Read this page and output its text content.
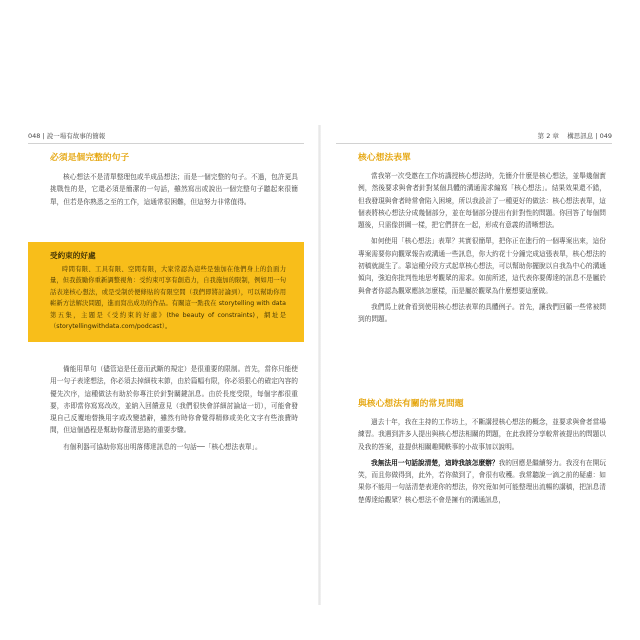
048 | 說一場有故事的簡報	第 2 章 構思訊息 | 049
必須是個完整的句子

核心想法不是清單整理包或半成品想法；而是一個完整的句子。不過，包許更具挑戰性的是，它還必須是簡潔的一句話，雖然寫出或說出一個完整句子聽起來很簡單，但若是你熟悉之至的工作，這通常很困難，但這努力非常值得。

受約束的好處

時間有限、工具有限、空間有限，大家常認為這些是強加在他們身上的負面力量，但我鼓勵你重新調整視角：受約束可享有創造力，自我施加的限制，例如用一句話表達核心想法，或是受制於便條貼的有限空間（我們即將討論到），可以幫助你用嶄新方法解決問題，進而寫出成功的作品。有關這一點我在 storytelling with data 第五集，主題是《受約束的好處》(the beauty of constraints)，網址是（storytellingwithdata.com/podcast）。

備能用單句（儘管這是任意而武斷的規定）是很重要的限制。首先，當你只能使用一句子表達想法，你必須去掉細枝末節，由於篇幅有限，你必須狠心的確定內容的優先次序，這種做法有助於你專注於針對關鍵訊息。由於長度受限，每個字都很重要，亦即當你寫寫改改，並納入回饋意見（我們很快會詳細討論這一切），可能會發現自己反覆地替換用字或改變措辭，雖然有時你會覺得精修或美化文字有些浪費時間，但這個過程是幫助你釐清思路的重要步驟。

有個利器可協助你寫出明落傳達訊息的一句話──「核心想法表單」。

核心想法表單

當我第一次受邀在工作坊講授核心想法時，先簡介什麼是核心想法，並舉幾個實例，然後要求與會者針對某個具體的溝通需求編寫「核心想法」。結果效果還不錯，但我發現與會者時常會陷入困境，所以我設計了一種更好的做法：核心想法表單，這個表將核心想法分成幾個部分，並在每個部分提出有針對性的問題。你回答了每個問題後，只需像拼圖一樣，把它們拼在一起，形成有意義的清晰想法。

如何使用「核心想法」表單？其實很簡單，把你正在進行的一個專案出來，這份專案需要你向觀眾報告或溝通一些訊息，你大約花十分鐘完成這張表單，核心想法的初稿就誕生了。靠這種分段方式起草核心想法，可以幫助你擺脫以自我為中心的溝通傾向，強迫你批判性地思考觀眾的需求。如前所述，這代表你要傳達的訊息不是屬於與會者你認為觀眾應該怎麼樣，而是屬於觀眾為什麼想要這麼做。

我們馬上就會看到使用核心想法表單的具體例子。首先，讓我們回顧一些常被問到的問題。

與核心想法有關的常見問題

過去十年，我在主持的工作坊上，不斷講授核心想法的概念，並要求與會者當場練習。我遇到許多人提出與核心想法相關的問題，在此我將分享較常被提出的問題以及我的答案，並提供相關趣聞軼事的小故事加以說明。

我無法用一句話說清楚，這時我該怎麼辦？我的回應是繼續努力。我沒有在開玩笑，而且你做得到，此外，若你做到了，會很有收穫。我常聽說一滴之前的疑慮：如果你不能用一句話清楚表達你的想法，你究竟如何可能整理出流暢的講稿，把訊息清楚傳達給觀眾？核心想法不會是擁有的溝通訊息，
